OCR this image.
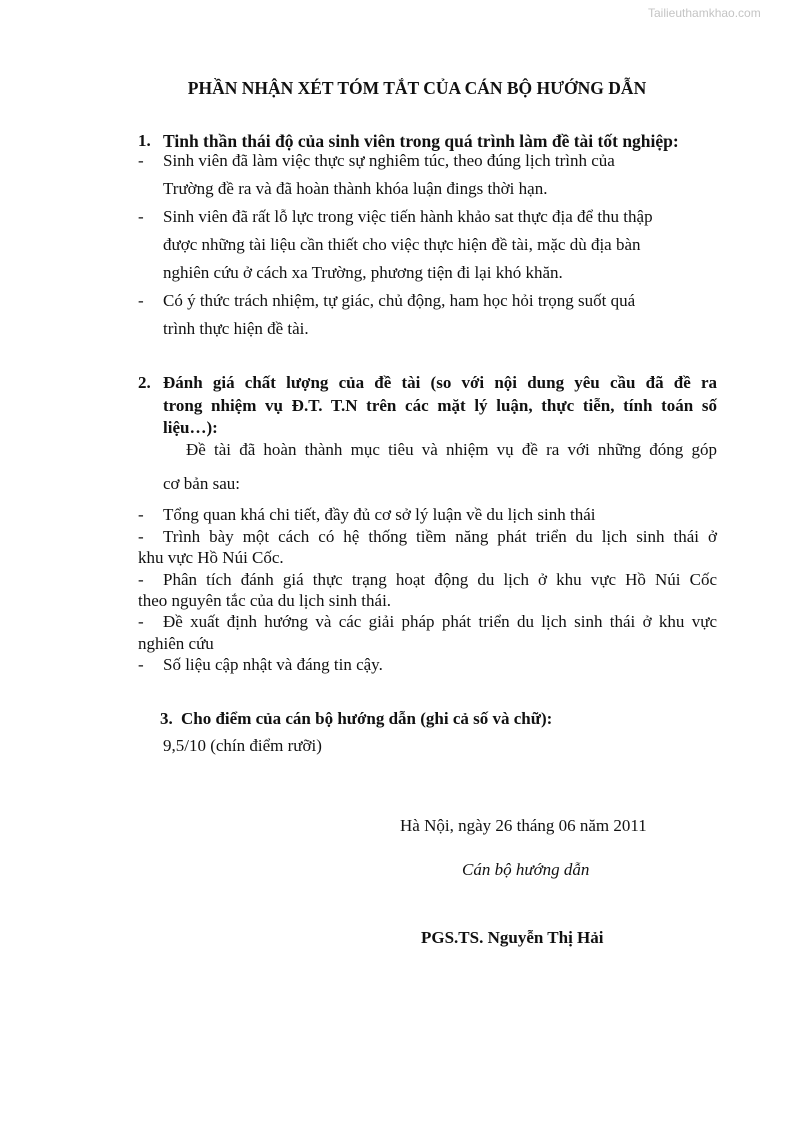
Tailieuthamkhao.com
PHẦN NHẬN XÉT TÓM TẮT CỦA CÁN BỘ HƯỚNG DẪN
1. Tinh thần thái độ của sinh viên trong quá trình làm đề tài tốt nghiệp:
- Sinh viên đã làm việc thực sự nghiêm túc, theo đúng lịch trình của
Trường đề ra và đã hoàn thành khóa luận đings thời hạn.
- Sinh viên đã rất lỗ lực trong việc tiến hành khảo sat thực địa để thu thập
được những tài liệu cần thiết cho việc thực hiện đề tài, mặc dù địa bàn
nghiên cứu ở cách xa Trường, phương tiện đi lại khó khăn.
- Có ý thức trách nhiệm, tự giác, chủ động, ham học hỏi trọng suốt quá
trình thực hiện đề tài.
2. Đánh giá chất lượng của đề tài (so với nội dung yêu cầu đã đề ra
trong nhiệm vụ Đ.T. T.N trên các mặt lý luận, thực tiễn, tính toán số
liệu…):
Đề tài đã hoàn thành mục tiêu và nhiệm vụ đề ra với những đóng góp
cơ bản sau:
- Tổng quan khá chi tiết, đầy đủ cơ sở lý luận về du lịch sinh thái
- Trình bày một cách có hệ thống tiềm năng phát triển du lịch sinh thái ở
khu vực Hồ Núi Cốc.
- Phân tích đánh giá thực trạng hoạt động du lịch ở khu vực Hồ Núi Cốc
theo nguyên tắc của du lịch sinh thái.
- Đề xuất định hướng và các giải pháp phát triển du lịch sinh thái ở khu vực
nghiên cứu
- Số liệu cập nhật và đáng tin cậy.
3. Cho điểm của cán bộ hướng dẫn (ghi cả số và chữ):
9,5/10 (chín điểm rưỡi)
Hà Nội, ngày 26 tháng 06 năm 2011
Cán bộ hướng dẫn
PGS.TS. Nguyễn Thị Hải
